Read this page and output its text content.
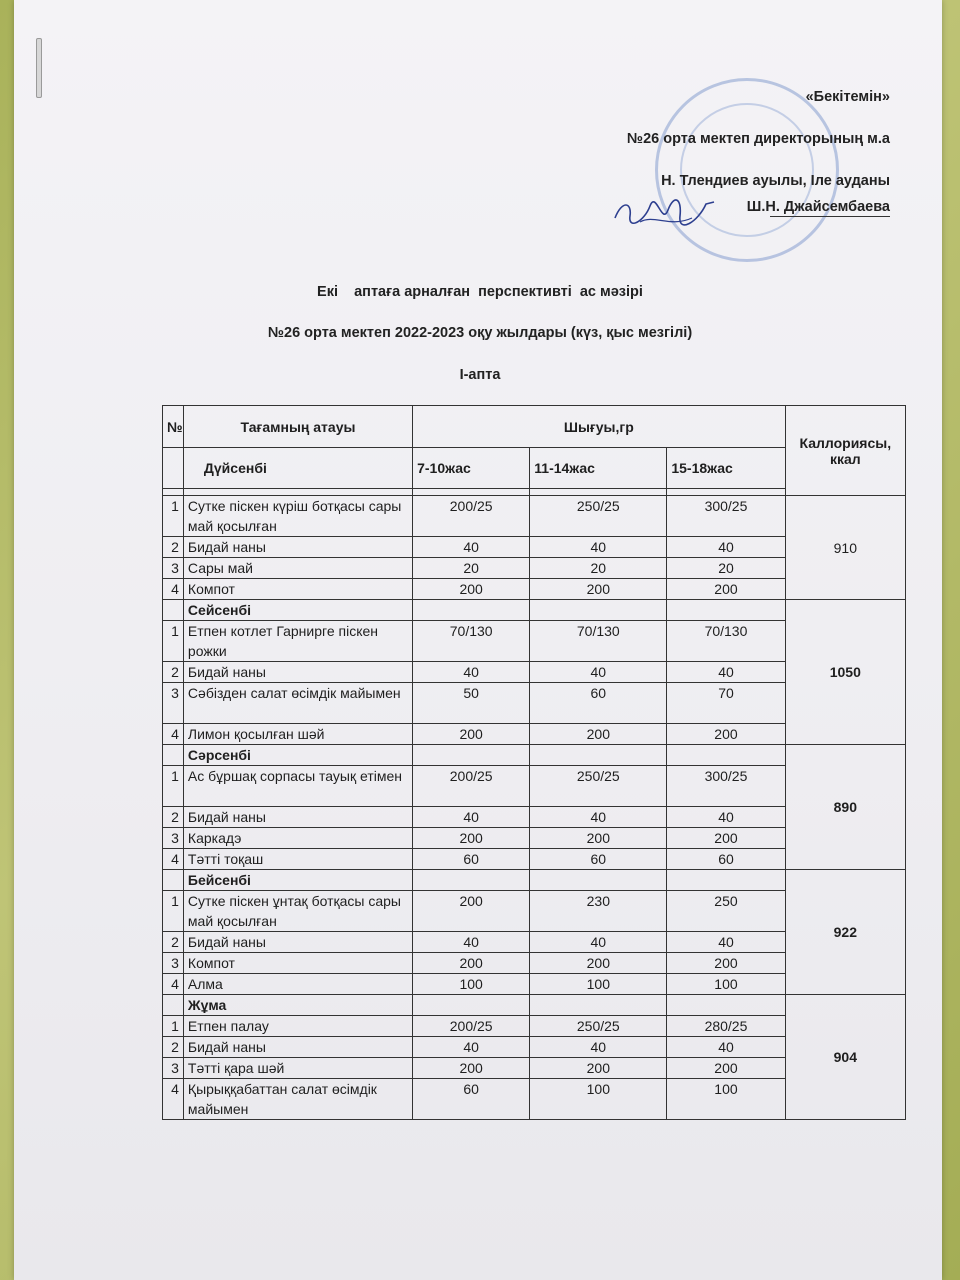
«Бекітемін»
№26 орта мектеп директорының м.а
Н. Тлендиев ауылы, Іле ауданы
Ш.Н. Джайсембаева
Екі    аптаға арналған  перспективті  ас мәзірі
№26 орта мектеп 2022-2023 оқу жылдары (күз, қыс мезгілі)
І-апта
№	Тағамның атауы	Шығуы,гр			Каллориясы, ккал
	Дүйсенбі	7-10жас	11-14жас	15-18жас	

1	Сутке піскен күріш ботқасы сары май қосылған	200/25	250/25	300/25	910
2	Бидай наны	40	40	40	
3	Сары май	20	20	20	
4	Компот	200	200	200	
	Сейсенбі				1050
1	Етпен котлет Гарнирге піскен рожки	70/130	70/130	70/130	
2	Бидай наны	40	40	40	
3	Сәбізден салат өсімдік майымен	50	60	70	
4	Лимон қосылған шәй	200	200	200	
	Сәрсенбі				890
1	Ас бұршақ сорпасы тауық етімен	200/25	250/25	300/25	
2	Бидай наны	40	40	40	
3	Каркадэ	200	200	200	
4	Тәтті тоқаш	60	60	60	
	Бейсенбі				922
1	Сутке піскен ұнтақ ботқасы сары май қосылған	200	230	250	
2	Бидай наны	40	40	40	
3	Компот	200	200	200	
4	Алма	100	100	100	
	Жұма				904
1	Етпен палау	200/25	250/25	280/25	
2	Бидай наны	40	40	40	
3	Тәтті қара шәй	200	200	200	
4	Қырыққабаттан салат өсімдік майымен	60	100	100	
